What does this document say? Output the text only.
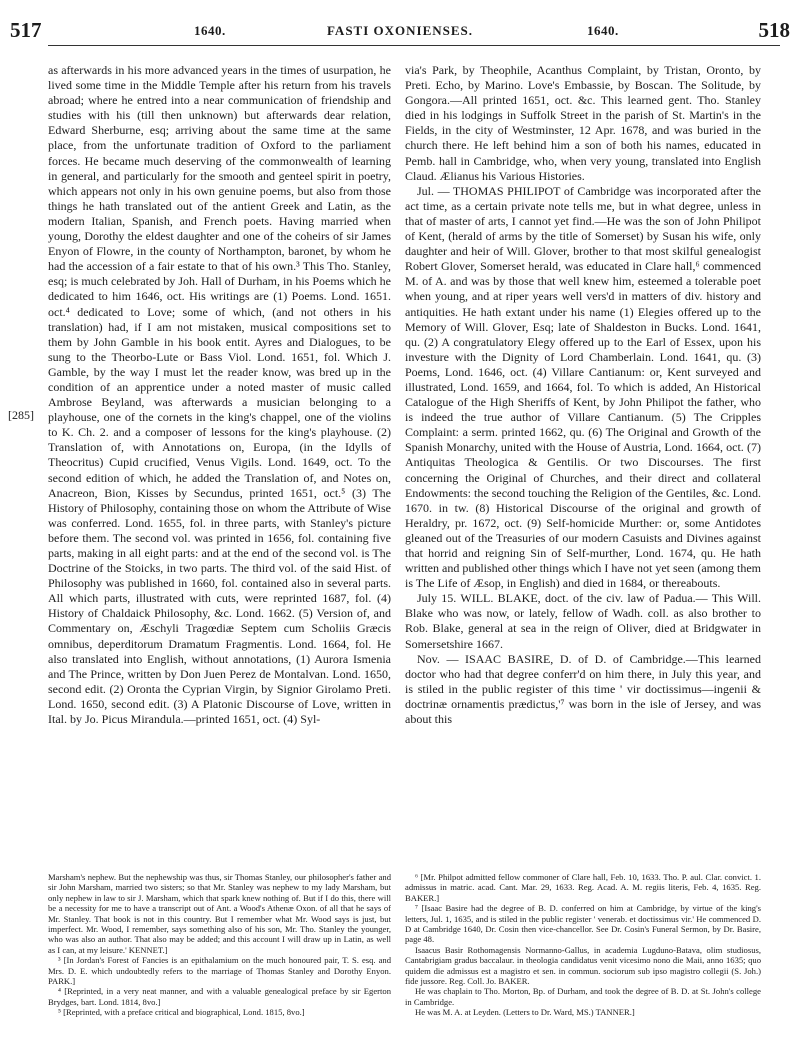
517	1640.	FASTI OXONIENSES.	1640.	518
[285]

as afterwards in his more advanced years in the times of usurpation, he lived some time in the Middle Temple after his return from his travels abroad; where he entred into a near communication of friendship and studies with his (till then unknown) but afterwards dear relation, Edward Sherburne, esq; arriving about the same time at the same place, from the unfortunate tradition of Oxford to the parliament forces. He became much deserving of the commonwealth of learning in general, and particularly for the smooth and genteel spirit in poetry, which appears not only in his own genuine poems, but also from those things he hath translated out of the antient Greek and Latin, as the modern Italian, Spanish, and French poets. Having married when young, Dorothy the eldest daughter and one of the coheirs of sir James Enyon of Flowre, in the county of Northampton, baronet, by whom he had the accession of a fair estate to that of his own.³ This Tho. Stanley, esq; is much celebrated by Joh. Hall of Durham, in his Poems which he dedicated to him 1646, oct. His writings are (1) Poems. Lond. 1651. oct.⁴ dedicated to Love; some of which, (and not others in his translation) had, if I am not mistaken, musical compositions set to them by John Gamble in his book entit. Ayres and Dialogues, to be sung to the Theorbo-Lute or Bass Viol. Lond. 1651, fol. Which J. Gamble, by the way I must let the reader know, was bred up in the condition of an apprentice under a noted master of music called Ambrose Beyland, was afterwards a musician belonging to a playhouse, one of the cornets in the king's chappel, one of the violins to K. Ch. 2. and a composer of lessons for the king's playhouse. (2) Translation of, with Annotations on, Europa, (in the Idylls of Theocritus) Cupid crucified, Venus Vigils. Lond. 1649, oct. To the second edition of which, he added the Translation of, and Notes on, Anacreon, Bion, Kisses by Secundus, printed 1651, oct.⁵ (3) The History of Philosophy, containing those on whom the Attribute of Wise was conferred. Lond. 1655, fol. in three parts, with Stanley's picture before them. The second vol. was printed in 1656, fol. containing five parts, making in all eight parts: and at the end of the second vol. is The Doctrine of the Stoicks, in two parts. The third vol. of the said Hist. of Philosophy was published in 1660, fol. contained also in several parts. All which parts, illustrated with cuts, were reprinted 1687, fol. (4) History of Chaldaick Philosophy, &c. Lond. 1662. (5) Version of, and Commentary on, Æschyli Tragœdiæ Septem cum Scholiis Græcis omnibus, deperditorum Dramatum Fragmentis. Lond. 1664, fol. He also translated into English, without annotations, (1) Aurora Ismenia and The Prince, written by Don Juen Perez de Montalvan. Lond. 1650, second edit. (2) Oronta the Cyprian Virgin, by Signior Girolamo Preti. Lond. 1650, second edit. (3) A Platonic Discourse of Love, written in Ital. by Jo. Picus Mirandula.—printed 1651, oct. (4) Syl-

via's Park, by Theophile, Acanthus Complaint, by Tristan, Oronto, by Preti. Echo, by Marino. Love's Embassie, by Boscan. The Solitude, by Gongora.—All printed 1651, oct. &c. This learned gent. Tho. Stanley died in his lodgings in Suffolk Street in the parish of St. Martin's in the Fields, in the city of Westminster, 12 Apr. 1678, and was buried in the church there. He left behind him a son of both his names, educated in Pemb. hall in Cambridge, who, when very young, translated into English Claud. Ælianus his Various Histories.

Jul. — THOMAS PHILIPOT of Cambridge was incorporated after the act time, as a certain private note tells me, but in what degree, unless in that of master of arts, I cannot yet find.—He was the son of John Philipot of Kent, (herald of arms by the title of Somerset) by Susan his wife, only daughter and heir of Will. Glover, brother to that most skilful genealogist Robert Glover, Somerset herald, was educated in Clare hall,⁶ commenced M. of A. and was by those that well knew him, esteemed a tolerable poet when young, and at riper years well vers'd in matters of div. history and antiquities. He hath extant under his name (1) Elegies offered up to the Memory of Will. Glover, Esq; late of Shaldeston in Bucks. Lond. 1641, qu. (2) A congratulatory Elegy offered up to the Earl of Essex, upon his investure with the Dignity of Lord Chamberlain. Lond. 1641, qu. (3) Poems, Lond. 1646, oct. (4) Villare Cantianum: or, Kent surveyed and illustrated, Lond. 1659, and 1664, fol. To which is added, An Historical Catalogue of the High Sheriffs of Kent, by John Philipot the father, who is indeed the true author of Villare Cantianum. (5) The Cripples Complaint: a serm. printed 1662, qu. (6) The Original and Growth of the Spanish Monarchy, united with the House of Austria, Lond. 1664, oct. (7) Antiquitas Theologica & Gentilis. Or two Discourses. The first concerning the Original of Churches, and their direct and collateral Endowments: the second touching the Religion of the Gentiles, &c. Lond. 1670. in tw. (8) Historical Discourse of the original and growth of Heraldry, pr. 1672, oct. (9) Self-homicide Murther: or, some Antidotes gleaned out of the Treasuries of our modern Casuists and Divines against that horrid and reigning Sin of Self-murther, Lond. 1674, qu. He hath written and published other things which I have not yet seen (among them is The Life of Æsop, in English) and died in 1684, or thereabouts.

July 15. WILL. BLAKE, doct. of the civ. law of Padua.— This Will. Blake who was now, or lately, fellow of Wadh. coll. as also brother to Rob. Blake, general at sea in the reign of Oliver, died at Bridgwater in Somersetshire 1667.

Nov. — ISAAC BASIRE, D. of D. of Cambridge.—This learned doctor who had that degree conferr'd on him there, in July this year, and is stiled in the public register of this time ' vir doctissimus—ingenii & doctrinæ ornamentis prædictus,'⁷ was born in the isle of Jersey, and was about this

Marsham's nephew. But the nephewship was thus, sir Thomas Stanley, our philosopher's father and sir John Marsham, married two sisters; so that Mr. Stanley was nephew to my lady Marsham, but only nephew in law to sir J. Marsham, which that spark knew nothing of. But if I do this, there will be a necessity for me to have a transcript out of Ant. a Wood's Athenæ Oxon. of all that he says of Mr. Stanley. That book is not in this country. But I remember what Mr. Wood says is just, but imperfect. Mr. Wood, I remember, says something also of his son, Mr. Tho. Stanley the younger, who was also an author. That also may be added; and this account I will draw up in Latin, as well as I can, at my leisure.' KENNET.]

³ [In Jordan's Forest of Fancies is an epithalamium on the much honoured pair, T. S. esq. and Mrs. D. E. which undoubtedly refers to the marriage of Thomas Stanley and Dorothy Enyon. PARK.]

⁴ [Reprinted, in a very neat manner, and with a valuable genealogical preface by sir Egerton Brydges, bart. Lond. 1814, 8vo.]

⁵ [Reprinted, with a preface critical and biographical, Lond. 1815, 8vo.]

⁶ [Mr. Philpot admitted fellow commoner of Clare hall, Feb. 10, 1633. Tho. P. aul. Clar. convict. 1. admissus in matric. acad. Cant. Mar. 29, 1633. Reg. Acad. A. M. regiis literis, Feb. 4, 1635. Reg. BAKER.]

⁷ [Isaac Basire had the degree of B. D. conferred on him at Cambridge, by virtue of the king's letters, Jul. 1, 1635, and is stiled in the public register ' venerab. et doctissimus vir.' He commenced D. D at Cambridge 1640, Dr. Cosin then vice-chancellor. See Dr. Cosin's Funeral Sermon, by Dr. Basire, page 48.

Isaacus Basir Rothomagensis Normanno-Gallus, in academia Lugduno-Batava, olim studiosus, Cantabrigiam gradus baccalaur. in theologia candidatus venit vicesimo nono die Maii, anno 1635; quo quidem die admissus est a magistro et sen. in commun. sociorum sub ipso magistro collegii (S. Joh.) fide jussore. Reg. Coll. Jo. BAKER.

He was chaplain to Tho. Morton, Bp. of Durham, and took the degree of B. D. at St. John's college in Cambridge.

He was M. A. at Leyden. (Letters to Dr. Ward, MS.) TANNER.]
